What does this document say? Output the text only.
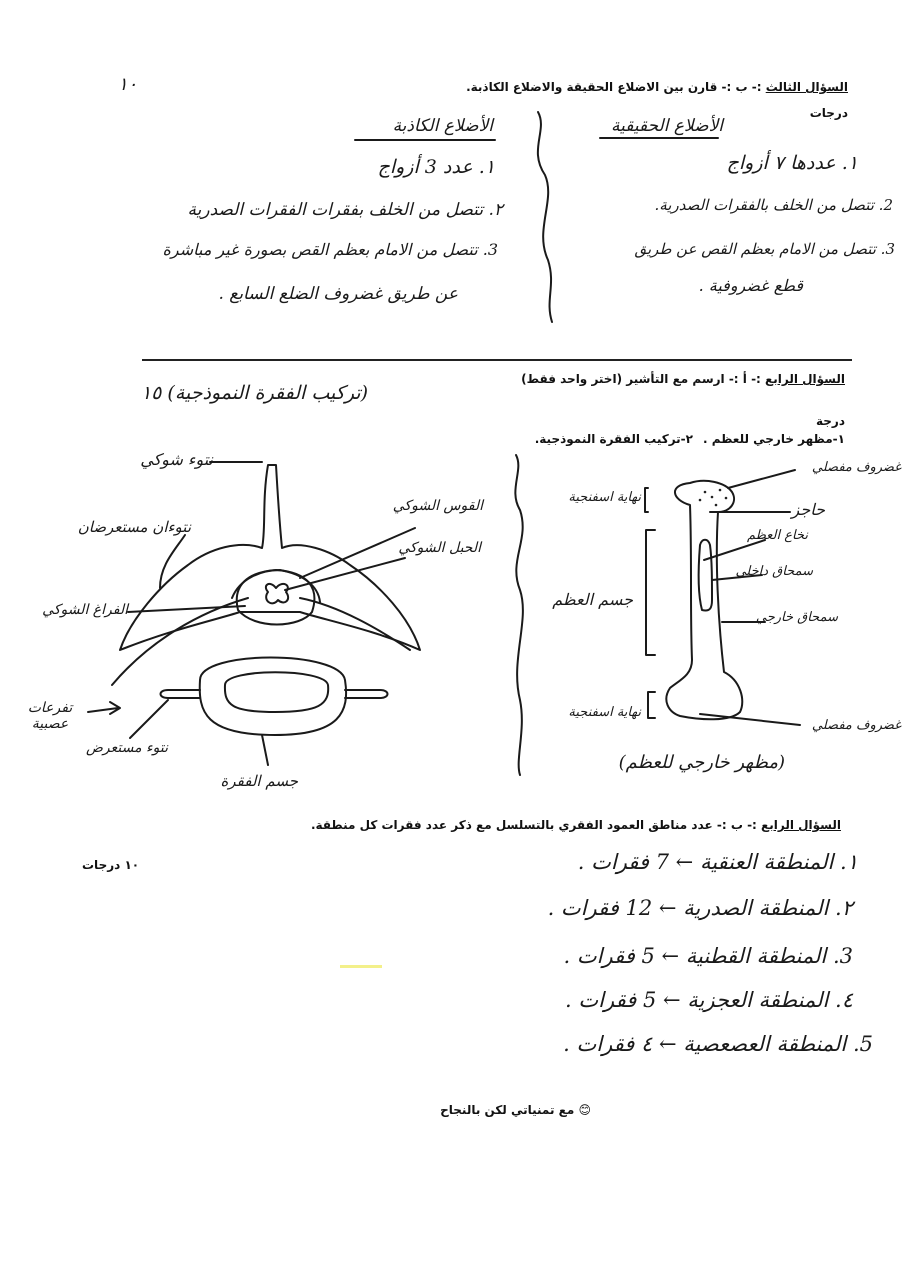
١٠	السؤال الثالث :- ب :- قارن بين الاضلاع الحقيقة والاضلاع الكاذبة.
درجات
الأضلاع الحقيقية
١. عددها ٧ أزواج
2. تتصل من الخلف بالفقرات الصدرية.
3. تتصل من الامام بعظم القص عن طريق
قطع غضروفية .
الأضلاع الكاذبة
١. عدد 3 أزواج
٢. تتصل من الخلف بفقرات الفقرات الصدرية
3. تتصل من الامام بعظم القص بصورة غير مباشرة
عن طريق غضروف الضلع السابع .
السؤال الرابع :- أ :- ارسم مع التأشير (اختر واحد فقط)
درجة
١-مظهر خارجي للعظم .
٢-تركيب الفقرة النموذجية.
(تركيب الفقرة النموذجية) ١٥
نتوء شوكي
نتوءان مستعرضان
القوس الشوكي
الحبل الشوكي
الفراغ الشوكي
تفرعات عصبية
نتوء مستعرض
جسم الفقرة
غضروف مفصلي
نهاية اسفنجية
حاجز
نخاع العظم
سمحاق داخلي
جسم العظم
سمحاق خارجي
نهاية اسفنجية
غضروف مفصلي
(مظهر خارجي للعظم)
السؤال الرابع :- ب :- عدد مناطق العمود الفقري بالتسلسل مع ذكر عدد فقرات كل منطقة.
١٠ درجات	١. المنطقة العنقية ← 7 فقرات .
٢. المنطقة الصدرية ← 12 فقرات .
3. المنطقة القطنية ← 5 فقرات .
٤. المنطقة العجزية ← 5 فقرات .
5. المنطقة العصعصية ← ٤ فقرات .
😊 مع تمنياتي لكن بالنجاح
